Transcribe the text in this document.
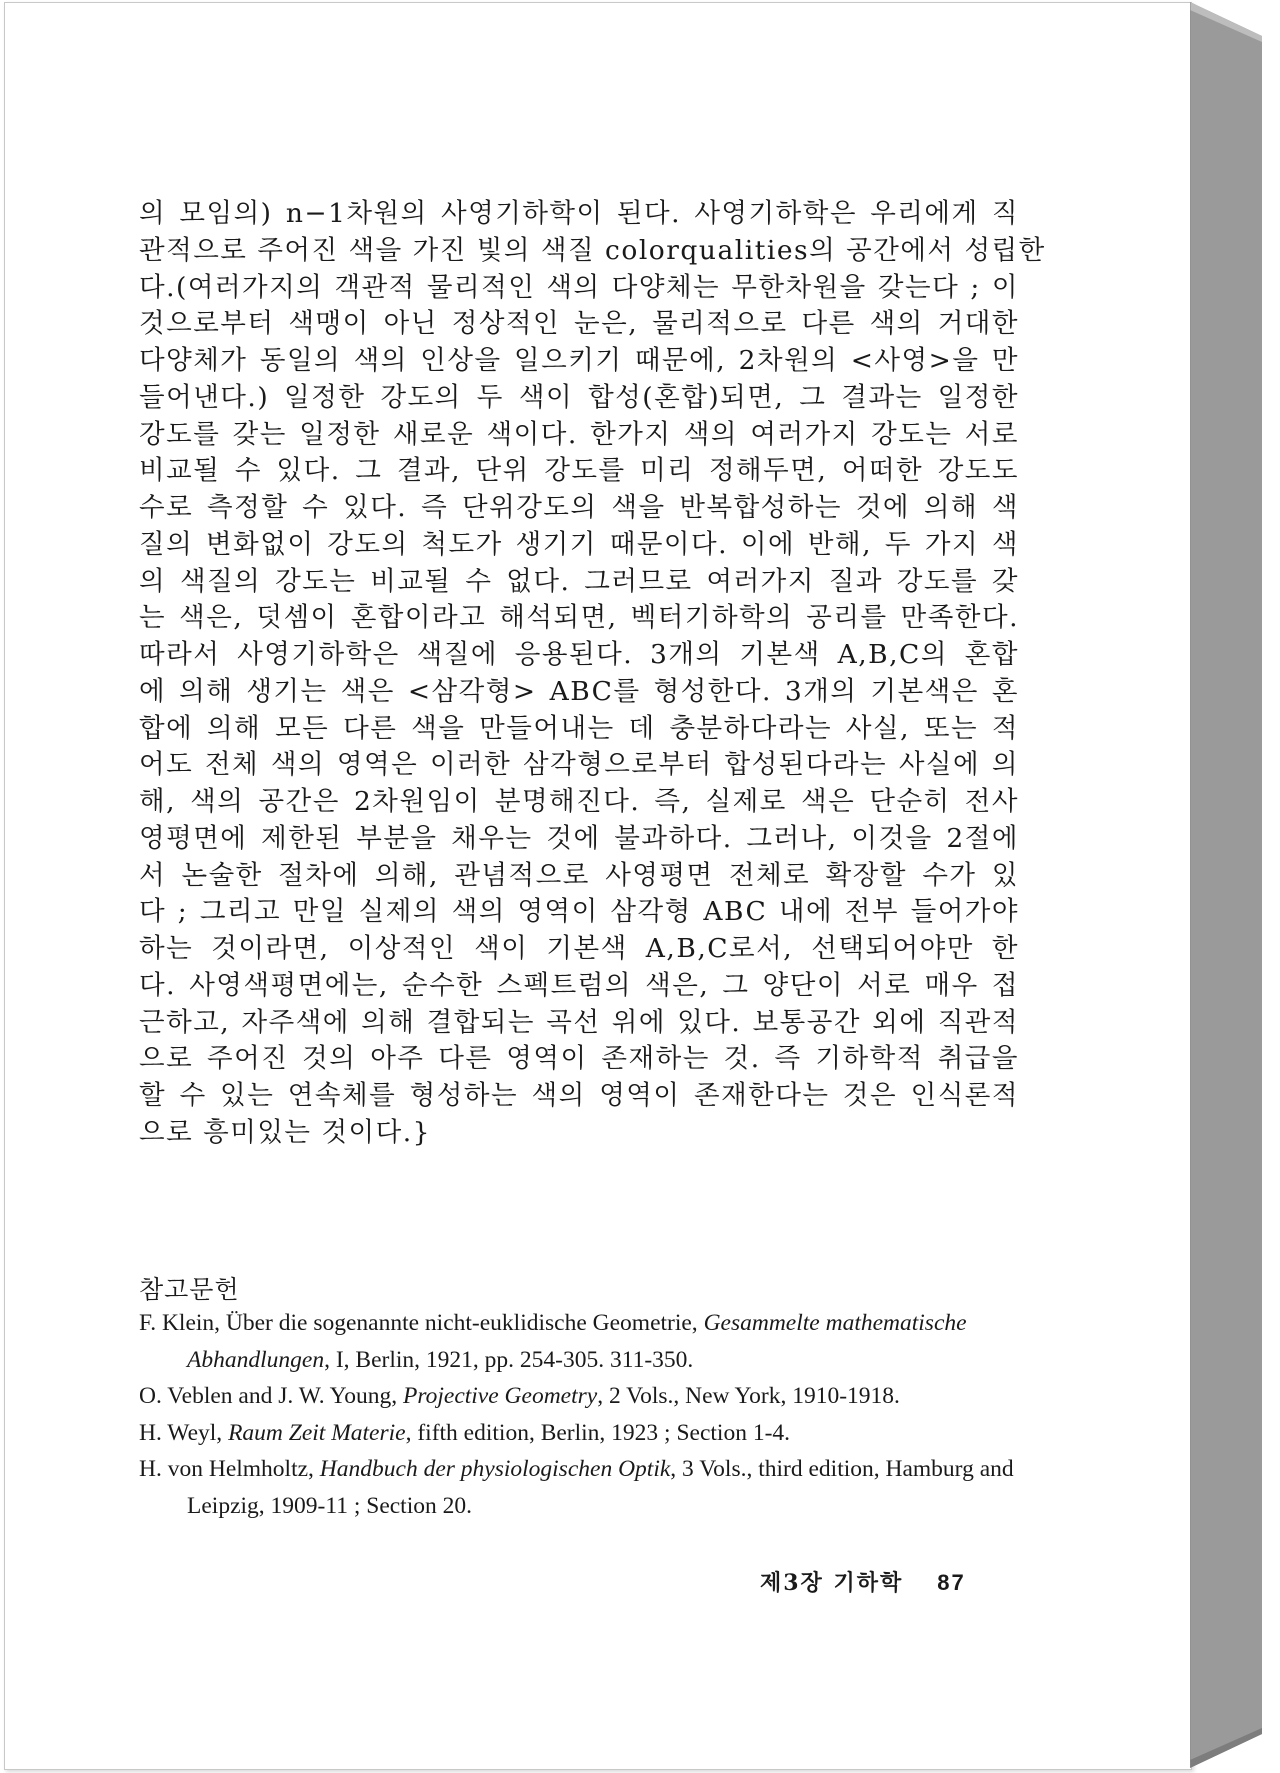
의 모임의) n−1차원의 사영기하학이 된다. 사영기하학은 우리에게 직
관적으로 주어진 색을 가진 빛의 색질 colorqualities의 공간에서 성립한
다.(여러가지의 객관적 물리적인 색의 다양체는 무한차원을 갖는다 ; 이
것으로부터 색맹이 아닌 정상적인 눈은, 물리적으로 다른 색의 거대한
다양체가 동일의 색의 인상을 일으키기 때문에, 2차원의 <사영>을 만
들어낸다.) 일정한 강도의 두 색이 합성(혼합)되면, 그 결과는 일정한
강도를 갖는 일정한 새로운 색이다. 한가지 색의 여러가지 강도는 서로
비교될 수 있다. 그 결과, 단위 강도를 미리 정해두면, 어떠한 강도도
수로 측정할 수 있다. 즉 단위강도의 색을 반복합성하는 것에 의해 색
질의 변화없이 강도의 척도가 생기기 때문이다. 이에 반해, 두 가지 색
의 색질의 강도는 비교될 수 없다. 그러므로 여러가지 질과 강도를 갖
는 색은, 덧셈이 혼합이라고 해석되면, 벡터기하학의 공리를 만족한다.
따라서 사영기하학은 색질에 응용된다. 3개의 기본색 A,B,C의 혼합
에 의해 생기는 색은 <삼각형> ABC를 형성한다. 3개의 기본색은 혼
합에 의해 모든 다른 색을 만들어내는 데 충분하다라는 사실, 또는 적
어도 전체 색의 영역은 이러한 삼각형으로부터 합성된다라는 사실에 의
해, 색의 공간은 2차원임이 분명해진다. 즉, 실제로 색은 단순히 전사
영평면에 제한된 부분을 채우는 것에 불과하다. 그러나, 이것을 2절에
서 논술한 절차에 의해, 관념적으로 사영평면 전체로 확장할 수가 있
다 ; 그리고 만일 실제의 색의 영역이 삼각형 ABC 내에 전부 들어가야
하는 것이라면, 이상적인 색이 기본색 A,B,C로서, 선택되어야만 한
다. 사영색평면에는, 순수한 스펙트럼의 색은, 그 양단이 서로 매우 접
근하고, 자주색에 의해 결합되는 곡선 위에 있다. 보통공간 외에 직관적
으로 주어진 것의 아주 다른 영역이 존재하는 것. 즉 기하학적 취급을
할 수 있는 연속체를 형성하는 색의 영역이 존재한다는 것은 인식론적
으로 흥미있는 것이다.}
참고문헌
F. Klein, Über die sogenannte nicht-euklidische Geometrie, Gesammelte mathematische Abhandlungen, I, Berlin, 1921, pp. 254-305. 311-350.
O. Veblen and J. W. Young, Projective Geometry, 2 Vols., New York, 1910-1918.
H. Weyl, Raum Zeit Materie, fifth edition, Berlin, 1923 ; Section 1-4.
H. von Helmholtz, Handbuch der physiologischen Optik, 3 Vols., third edition, Hamburg and Leipzig, 1909-11 ; Section 20.
제3장 기하학 87
